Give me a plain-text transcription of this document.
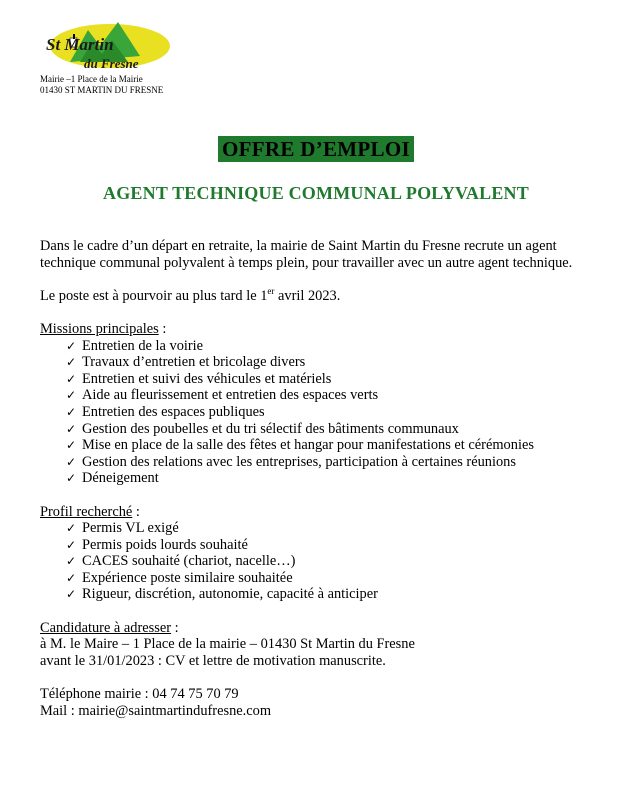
St Martin
du Fresne
Mairie –1 Place de la Mairie
01430 ST MARTIN DU FRESNE
OFFRE D’EMPLOI
AGENT TECHNIQUE COMMUNAL POLYVALENT

Dans le cadre d’un départ en retraite, la mairie de Saint Martin du Fresne recrute un agent technique communal polyvalent à temps plein, pour travailler avec un autre agent technique.

Le poste est à pourvoir au plus tard le 1er avril 2023.

Missions principales :

✓ Entretien de la voirie
✓ Travaux d’entretien et bricolage divers
✓ Entretien et suivi des véhicules et matériels
✓ Aide au fleurissement et entretien des espaces verts
✓ Entretien des espaces publiques
✓ Gestion des poubelles et du tri sélectif des bâtiments communaux
✓ Mise en place de la salle des fêtes et hangar pour manifestations et cérémonies
✓ Gestion des relations avec les entreprises, participation à certaines réunions
✓ Déneigement

Profil recherché :

✓ Permis VL exigé
✓ Permis poids lourds souhaité
✓ CACES souhaité (chariot, nacelle…)
✓ Expérience poste similaire souhaitée
✓ Rigueur, discrétion, autonomie, capacité à anticiper

Candidature à adresser :

à M. le Maire – 1 Place de la mairie – 01430 St Martin du Fresne

avant le 31/01/2023 : CV et lettre de motivation manuscrite.

Téléphone mairie : 04 74 75 70 79

Mail : mairie@saintmartindufresne.com
